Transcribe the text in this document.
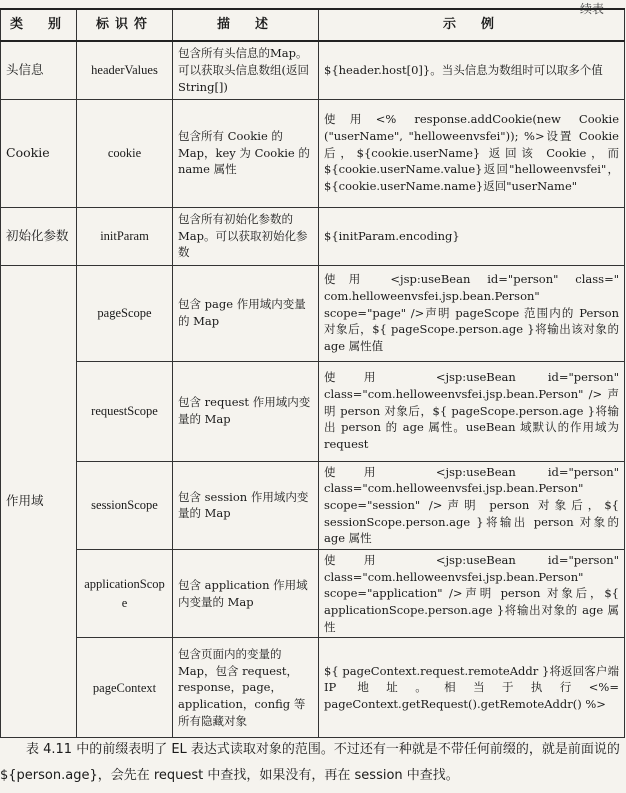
续表
类　别	标识符	描　述	示　例
头信息	headerValues	包含所有头信息的Map。可以获取头信息数组(返回 String[])	${header.host[0]}。当头信息为数组时可以取多个值
Cookie	cookie	包含所有 Cookie 的Map，key 为 Cookie 的name 属性	使用<% response.addCookie(new Cookie ("userName", "helloweenvsfei")); %>设置 Cookie 后，${cookie.userName} 返回该 Cookie，而${cookie.userName.value}返回"helloweenvsfei"，${cookie.userName.name}返回"userName"
初始化参数	initParam	包含所有初始化参数的 Map。可以获取初始化参数	${initParam.encoding}
作用域	pageScope	包含 page 作用域内变量的 Map	使用 <jsp:useBean id="person" class=" com.helloweenvsfei.jsp.bean.Person" scope="page" />声明 pageScope 范围内的 Person 对象后，${ pageScope.person.age }将输出该对象的 age 属性值
	requestScope	包含 request 作用域内变量的 Map	使用 <jsp:useBean id="person" class="com.helloweenvsfei.jsp.bean.Person" /> 声明 person 对象后，${ pageScope.person.age }将输出 person 的 age 属性。useBean 域默认的作用域为 request
	sessionScope	包含 session 作用域内变量的 Map	使用 <jsp:useBean id="person" class="com.helloweenvsfei.jsp.bean.Person" scope="session" />声明 person 对象后，${ sessionScope.person.age }将输出 person 对象的 age 属性
	applicationScope	包含 application 作用域内变量的 Map	使用 <jsp:useBean id="person" class="com.helloweenvsfei.jsp.bean.Person" scope="application" />声明 person 对象后，${ applicationScope.person.age }将输出对象的 age 属性
	pageContext	包含页面内的变量的 Map，包含 request，response，page，application，config 等所有隐藏对象	${ pageContext.request.remoteAddr }将返回客户端 IP 地址。相当于执行<%= pageContext.getRequest().getRemoteAddr() %>

表 4.11 中的前缀表明了 EL 表达式读取对象的范围。不过还有一种就是不带任何前缀的，就是前面说的${person.age}，会先在 request 中查找，如果没有，再在 session 中查找。
